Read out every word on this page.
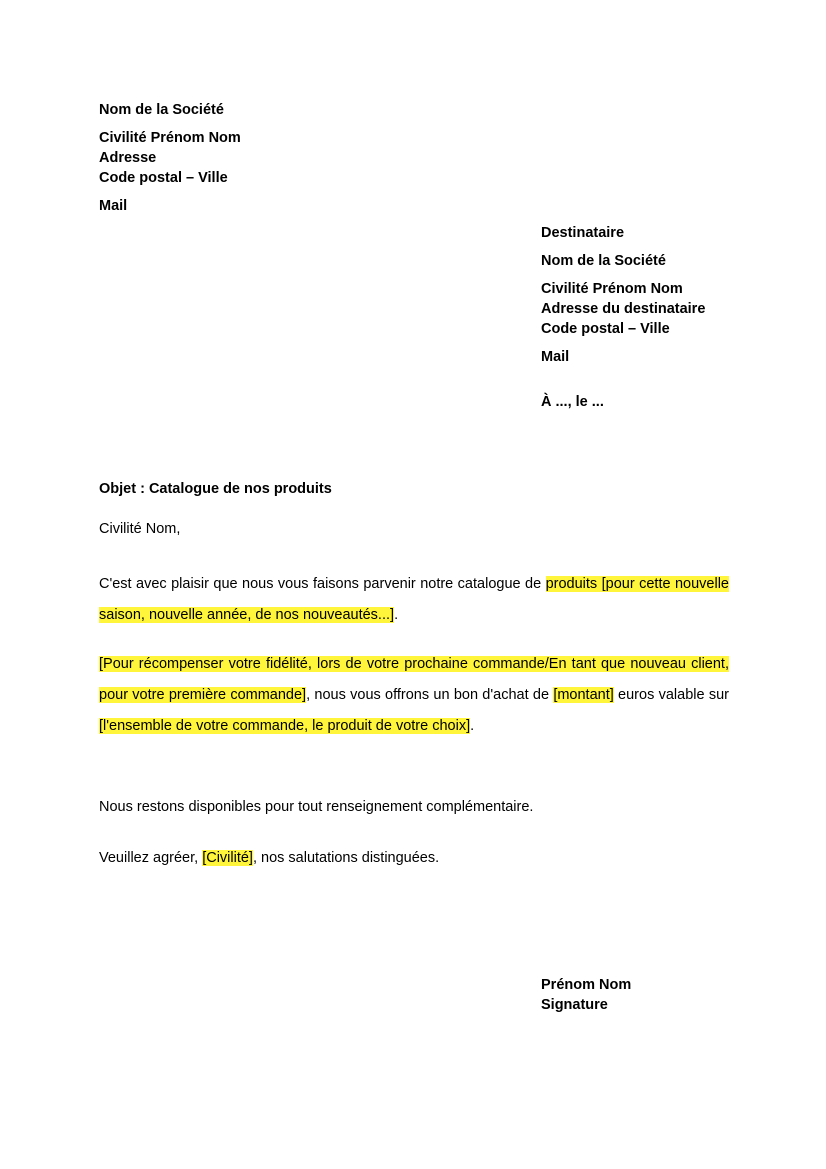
Nom de la Société
Civilité Prénom Nom
Adresse
Code postal – Ville
Mail
Destinataire
Nom de la Société
Civilité Prénom Nom
Adresse du destinataire
Code postal – Ville
Mail
À ..., le ...
Objet : Catalogue de nos produits
Civilité Nom,
C'est avec plaisir que nous vous faisons parvenir notre catalogue de produits [pour cette nouvelle saison, nouvelle année, de nos nouveautés...].
[Pour récompenser votre fidélité, lors de votre prochaine commande/En tant que nouveau client, pour votre première commande], nous vous offrons un bon d'achat de [montant] euros valable sur [l'ensemble de votre commande, le produit de votre choix].
Nous restons disponibles pour tout renseignement complémentaire.
Veuillez agréer, [Civilité], nos salutations distinguées.
Prénom Nom
Signature
